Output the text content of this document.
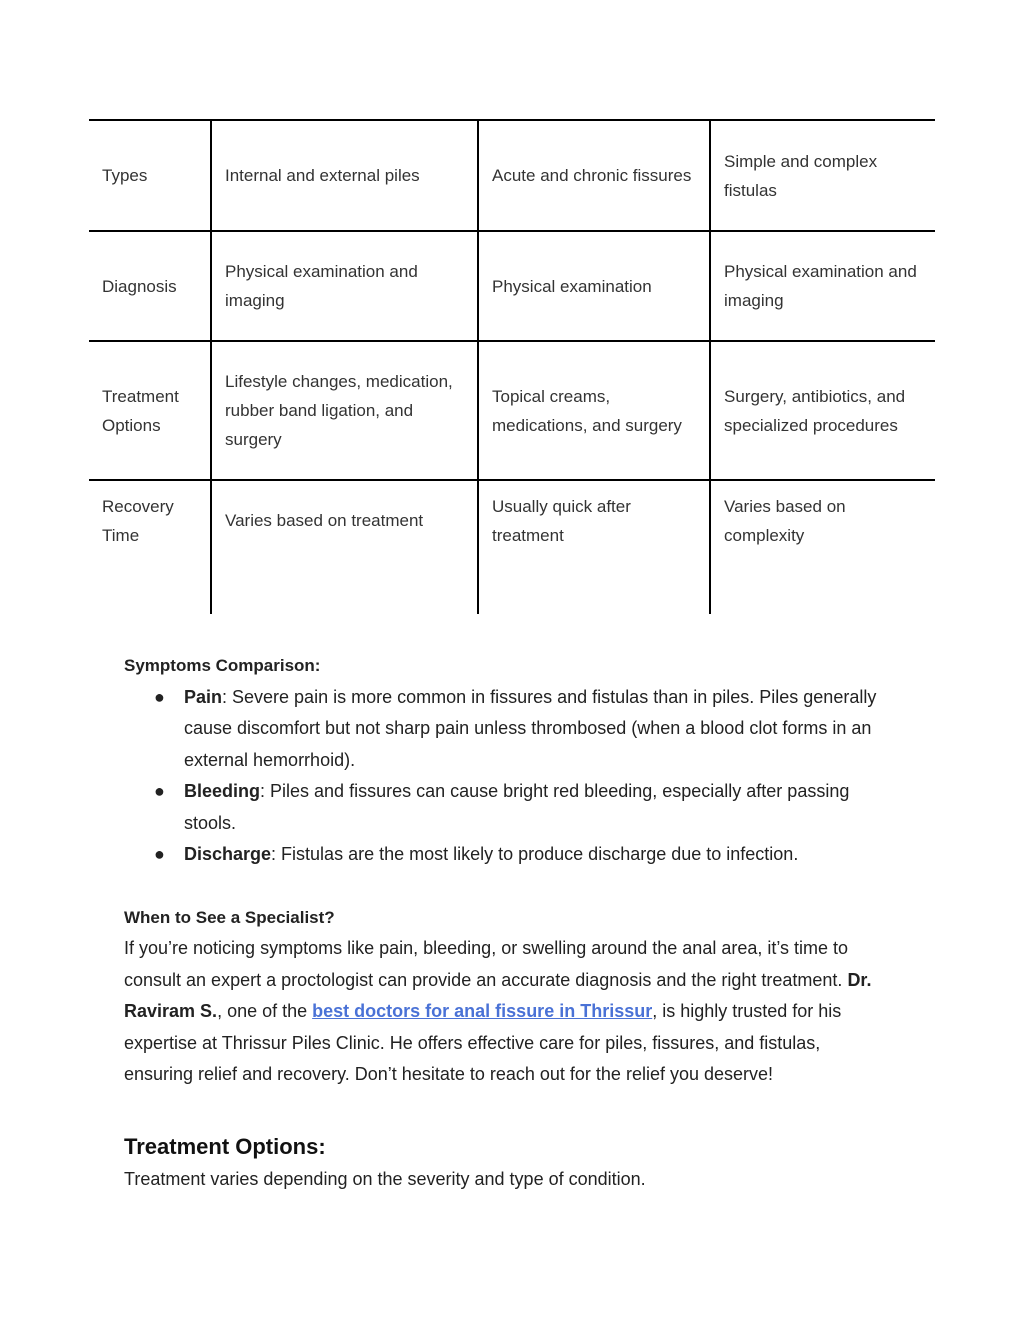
Types	Internal and external piles	Acute and chronic fissures	Simple and complex fistulas
Diagnosis	Physical examination and imaging	Physical examination	Physical examination and imaging
Treatment Options	Lifestyle changes, medication, rubber band ligation, and surgery	Topical creams, medications, and surgery	Surgery, antibiotics, and specialized procedures
Recovery Time	Varies based on treatment	Usually quick after treatment	Varies based on complexity

Symptoms Comparison:

● Pain: Severe pain is more common in fissures and fistulas than in piles. Piles generally cause discomfort but not sharp pain unless thrombosed (when a blood clot forms in an external hemorrhoid).
● Bleeding: Piles and fissures can cause bright red bleeding, especially after passing stools.
● Discharge: Fistulas are the most likely to produce discharge due to infection.

When to See a Specialist?

If you’re noticing symptoms like pain, bleeding, or swelling around the anal area, it’s time to consult an expert a proctologist can provide an accurate diagnosis and the right treatment. Dr. Raviram S., one of the best doctors for anal fissure in Thrissur, is highly trusted for his expertise at Thrissur Piles Clinic. He offers effective care for piles, fissures, and fistulas, ensuring relief and recovery. Don’t hesitate to reach out for the relief you deserve!

Treatment Options:

Treatment varies depending on the severity and type of condition.
